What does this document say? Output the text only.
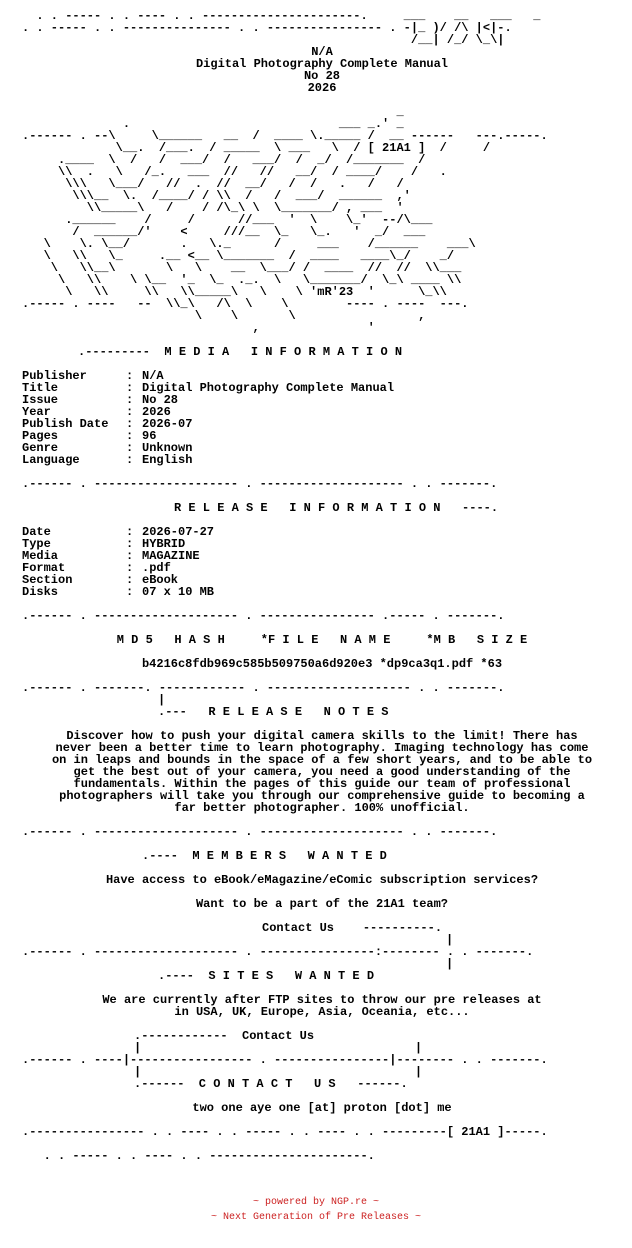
. . ----- . . ---- . . ----------------------.     ___    __   ___   _
. . ----- . . --------------- . . ---------------- . -|_ )/ /\ |<|-.
/__| /_/ \_\|
N/A
Digital Photography Complete Manual
No 28
2026
_
.                             ___ _.' _
.------ . --\     \______   __  /  ____ \._____ /  __ ------   ---.-----.
\__.  /___.  / _____  \ ___   \  / [ 21A1 ]  /     /
.____  \  /   /  ___/  /   ___/  /  _/  /_______  /
\\  .   \   /_.   ___  //   //   __/  / ____/    /   .
\\\   \___/   //  .  //  __/   /  /   .   /   /
\\\__  \.  /____/ / \\  /   /  ___/  ______  ,'
\\_____\   /    / /\_\ \  \_______/ , ___  '
.______    /     /      //___  '  \    \_'  --/\___
/  ______/'    <     ///__  \_   \_.   '  _/  ___
\    \. \__/       .   \._      /     ___    /______    ___\
\   \\   \_     .__ <__ \_______  /  ____   ____\_/    _/
\   \\__\       \   \    __  \___/ /  ____  //  //  \\___
\   \\    \ \__  '_  \_  ._.  \   \_______/  \_\ ____ \\
\   \\     \\   \\_____\   \    \ 'mR'23  '      \_\\
.----- . ----   --  \\_\   /\  \    \        ---- . ----  ---.
\    \       \                 ,
,               '
.---------  M E D I A   I N F O R M A T I O N
Publisher	: N/A
Title	: Digital Photography Complete Manual
Issue	: No 28
Year	: 2026
Publish Date	: 2026-07
Pages	: 96
Genre	: Unknown
Language	: English
.------ . -------------------- . -------------------- . . -------.
R E L E A S E   I N F O R M A T I O N   ----.
Date	: 2026-07-27
Type	: HYBRID
Media	: MAGAZINE
Format	: .pdf
Section	: eBook
Disks	: 07 x 10 MB
.------ . -------------------- . ---------------- .----- . -------.
M D 5   H A S H     *F I L E   N A M E     *M B   S I Z E
b4216c8fdb969c585b509750a6d920e3 *dp9ca3q1.pdf *63
.------ . -------. ------------ . -------------------- . . -------.
|
.---   R E L E A S E   N O T E S
Discover how to push your digital camera skills to the limit! There has
never been a better time to learn photography. Imaging technology has come
on in leaps and bounds in the space of a few short years, and to be able to
get the best out of your camera, you need a good understanding of the
fundamentals. Within the pages of this guide our team of professional
photographers will take you through our comprehensive guide to becoming a
far better photographer. 100% unofficial.
.------ . -------------------- . -------------------- . . -------.
.----  M E M B E R S   W A N T E D
Have access to eBook/eMagazine/eComic subscription services?
Want to be a part of the 21A1 team?
Contact Us    ----------.
|
.------ . -------------------- . ----------------:-------- . . -------.
|
.----  S I T E S   W A N T E D
We are currently after FTP sites to throw our pre releases at
in USA, UK, Europe, Asia, Oceania, etc...
.------------  Contact Us
|                                      |
.------ . ----|----------------- . ----------------|-------- . . -------.
|                                      |
.------  C O N T A C T   U S   ------.
two one aye one [at] proton [dot] me
.---------------- . . ---- . . ----- . . ---- . . ---------[ 21A1 ]-----.
. . ----- . . ---- . . ----------------------.
~ powered by NGP.re ~
~ Next Generation of Pre Releases ~
